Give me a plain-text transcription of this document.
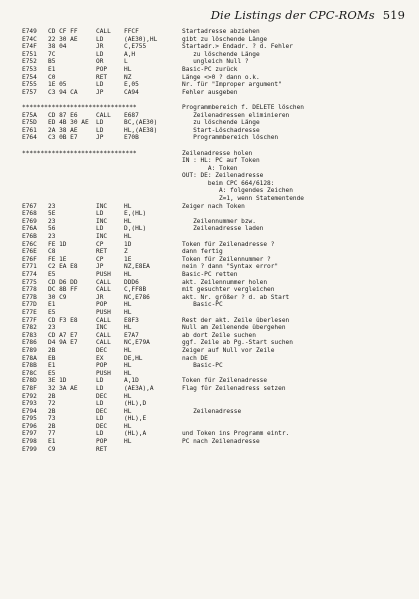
Die Listings der CPC-ROMs 519
E749	CD CF FF	CALL	FFCF	Startadresse abziehen
E74C	22 30 AE	LD	(AE30),HL	gibt zu löschende Länge
E74F	38 04	JR	C,E755	Startadr.> Endadr. ? d. Fehler
E751	7C	LD	A,H	zu löschende Länge
E752	B5	OR	L	ungleich Null ?
E753	E1	POP	HL	Basic-PC zurück
E754	C0	RET	NZ	Länge <>0 ? dann o.k.
E755	1E 05	LD	E,05	Nr. für "Improper argument"
E757	C3 94 CA	JP	CA94	Fehler ausgeben
*******************************	Programmbereich f. DELETE löschen
E75A	CD 87 E6	CALL	E687	Zeilenadressen eliminieren
E75D	ED 4B 30 AE	LD	BC,(AE30)	zu löschende Länge
E761	2A 38 AE	LD	HL,(AE38)	Start-Löschadresse
E764	C3 0B E7	JP	E70B	Programmbereich löschen
*******************************	Zeilenadresse holen
IN : HL: PC auf Token
A: Token
OUT: DE: Zeilenadresse
beim CPC 664/6128:
A: folgendes Zeichen
Z=1, wenn Statementende
E767	23	INC	HL	Zeiger nach Token
E768	5E	LD	E,(HL)
E769	23	INC	HL	Zeilennummer bzw.
E76A	56	LD	D,(HL)	Zeilenadresse laden
E76B	23	INC	HL
E76C	FE 1D	CP	1D	Token für Zeilenadresse ?
E76E	C8	RET	Z	dann fertig
E76F	FE 1E	CP	1E	Token für Zeilennummer ?
E771	C2 EA E8	JP	NZ,E8EA	nein ? dann "Syntax error"
E774	E5	PUSH	HL	Basic-PC retten
E775	CD D6 DD	CALL	DDD6	akt. Zeilennummer holen
E778	DC 8B FF	CALL	C,FF8B	mit gesuchter vergleichen
E77B	30 C9	JR	NC,E786	akt. Nr. größer ? d. ab Start
E77D	E1	POP	HL	Basic-PC
E77E	E5	PUSH	HL
E77F	CD F3 E8	CALL	E8F3	Rest der akt. Zeile überlesen
E782	23	INC	HL	Null am Zeilenende übergehen
E783	CD A7 E7	CALL	E7A7	ab dort Zeile suchen
E786	D4 9A E7	CALL	NC,E79A	ggf. Zeile ab Pg.-Start suchen
E789	2B	DEC	HL	Zeiger auf Null vor Zeile
E78A	EB	EX	DE,HL	nach DE
E78B	E1	POP	HL	Basic-PC
E78C	E5	PUSH	HL
E78D	3E 1D	LD	A,1D	Token für Zeilenadresse
E78F	32 3A AE	LD	(AE3A),A	Flag für Zeilenadress setzen
E792	2B	DEC	HL
E793	72	LD	(HL),D
E794	2B	DEC	HL	Zeilenadresse
E795	73	LD	(HL),E
E796	2B	DEC	HL
E797	77	LD	(HL),A	und Token ins Programm eintr.
E798	E1	POP	HL	PC nach Zeilenadresse
E799	C9	RET
